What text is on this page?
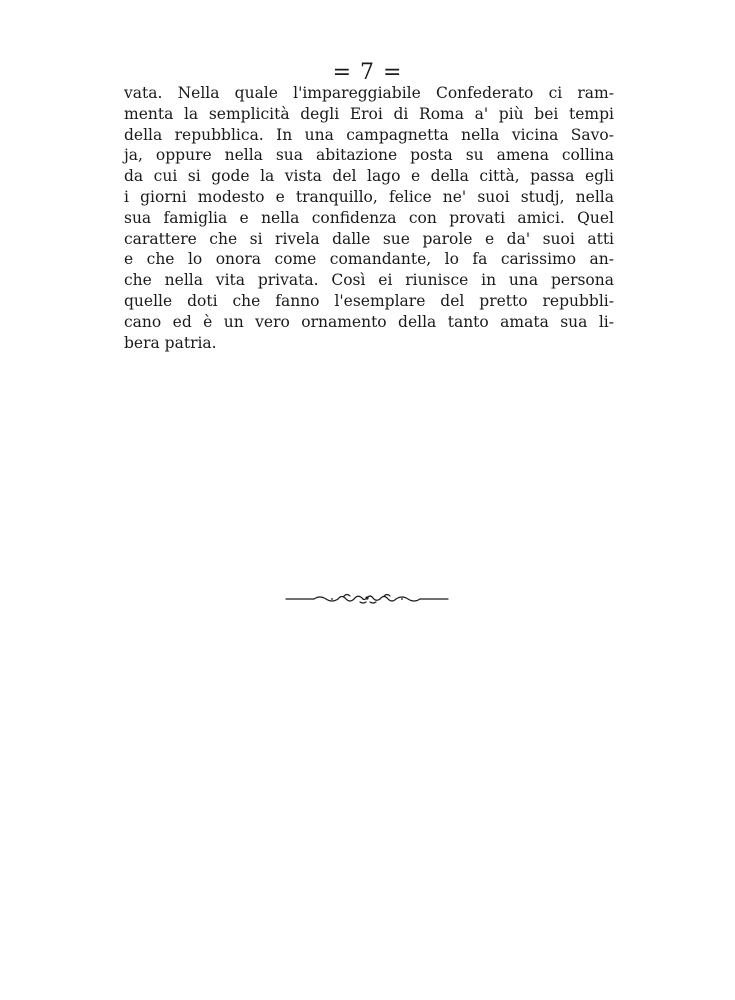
= 7 =
vata. Nella quale l'impareggiabile Confederato ci ram-
menta la semplicità degli Eroi di Roma a' più bei tempi
della repubblica. In una campagnetta nella vicina Savo-
ja, oppure nella sua abitazione posta su amena collina
da cui si gode la vista del lago e della città, passa egli
i giorni modesto e tranquillo, felice ne' suoi studj, nella
sua famiglia e nella confidenza con provati amici. Quel
carattere che si rivela dalle sue parole e da' suoi atti
e che lo onora come comandante, lo fa carissimo an-
che nella vita privata. Così ei riunisce in una persona
quelle doti che fanno l'esemplare del pretto repubbli-
cano ed è un vero ornamento della tanto amata sua li-
bera patria.
